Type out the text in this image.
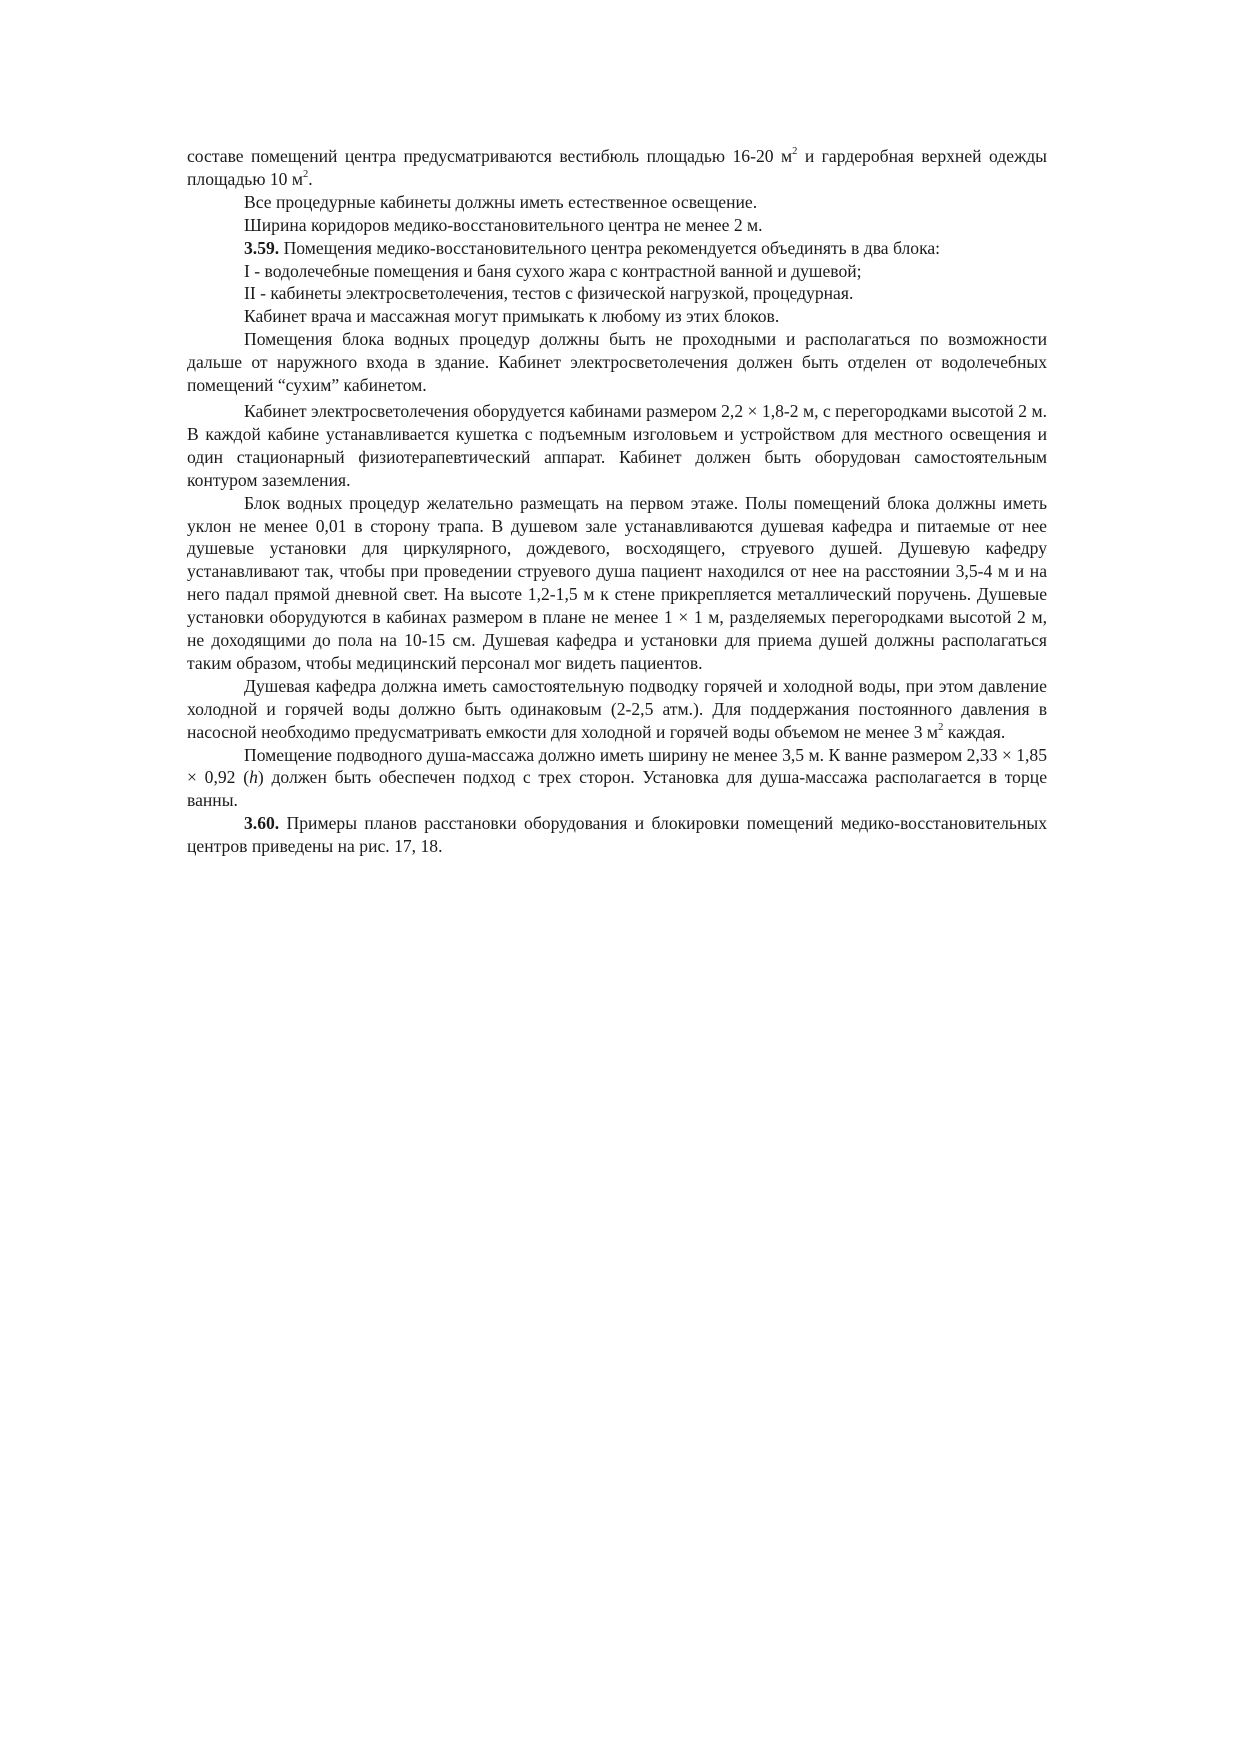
составе помещений центра предусматриваются вестибюль площадью 16-20 $м^2$ и гардеробная верхней одежды площадью 10 $м^2$.

Все процедурные кабинеты должны иметь естественное освещение.

Ширина коридоров медико-восстановительного центра не менее 2 м.

3.59. Помещения медико-восстановительного центра рекомендуется объединять в два блока:

I - водолечебные помещения и баня сухого жара с контрастной ванной и душевой;

II - кабинеты электросветолечения, тестов с физической нагрузкой, процедурная.

Кабинет врача и массажная могут примыкать к любому из этих блоков.

Помещения блока водных процедур должны быть не проходными и располагаться по возможности дальше от наружного входа в здание. Кабинет электросветолечения должен быть отделен от водолечебных помещений “сухим” кабинетом.

Кабинет электросветолечения оборудуется кабинами размером 2,2 × 1,8-2 м, с перегородками высотой 2 м. В каждой кабине устанавливается кушетка с подъемным изголовьем и устройством для местного освещения и один стационарный физиотерапевтический аппарат. Кабинет должен быть оборудован самостоятельным контуром заземления.

Блок водных процедур желательно размещать на первом этаже. Полы помещений блока должны иметь уклон не менее 0,01 в сторону трапа. В душевом зале устанавливаются душевая кафедра и питаемые от нее душевые установки для циркулярного, дождевого, восходящего, струевого душей. Душевую кафедру устанавливают так, чтобы при проведении струевого душа пациент находился от нее на расстоянии 3,5-4 м и на него падал прямой дневной свет. На высоте 1,2-1,5 м к стене прикрепляется металлический поручень. Душевые установки оборудуются в кабинах размером в плане не менее 1 × 1 м, разделяемых перегородками высотой 2 м, не доходящими до пола на 10-15 см. Душевая кафедра и установки для приема душей должны располагаться таким образом, чтобы медицинский персонал мог видеть пациентов.

Душевая кафедра должна иметь самостоятельную подводку горячей и холодной воды, при этом давление холодной и горячей воды должно быть одинаковым (2-2,5 атм.). Для поддержания постоянного давления в насосной необходимо предусматривать емкости для холодной и горячей воды объемом не менее 3 $м^2$ каждая.

Помещение подводного душа-массажа должно иметь ширину не менее 3,5 м. К ванне размером 2,33 × 1,85 × 0,92 (h) должен быть обеспечен подход с трех сторон. Установка для душа-массажа располагается в торце ванны.

3.60. Примеры планов расстановки оборудования и блокировки помещений медико-восстановительных центров приведены на рис. 17, 18.
